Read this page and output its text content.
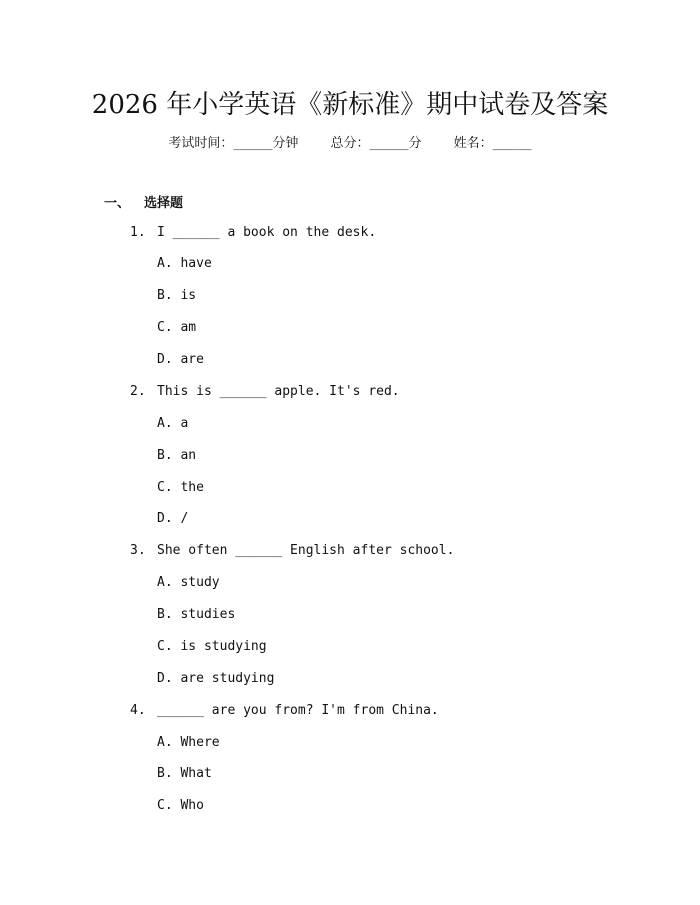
2026 年小学英语《新标准》期中试卷及答案
考试时间：______分钟 总分：______分 姓名：______
一、 选择题
1. I ______ a book on the desk.
A. have
B. is
C. am
D. are
2. This is ______ apple. It's red.
A. a
B. an
C. the
D. /
3. She often ______ English after school.
A. study
B. studies
C. is studying
D. are studying
4. ______ are you from? I'm from China.
A. Where
B. What
C. Who
